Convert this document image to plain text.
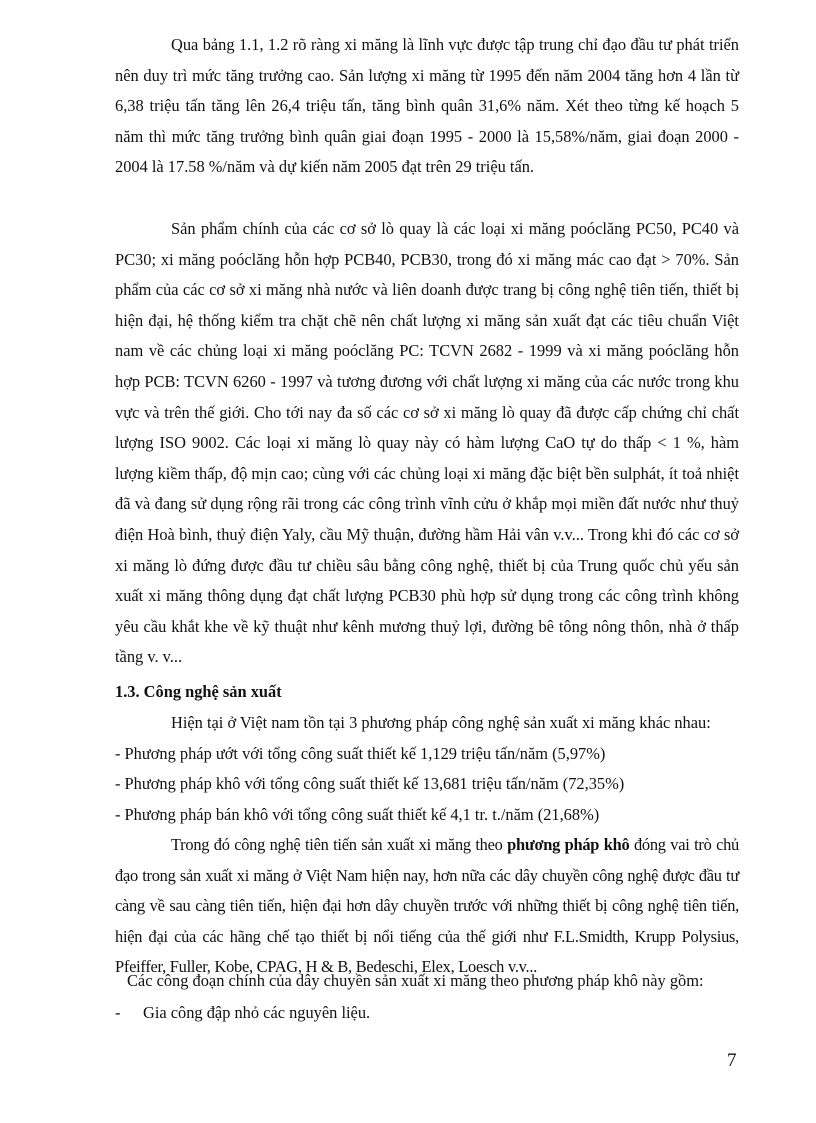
Qua bảng 1.1, 1.2 rõ ràng xi măng là lĩnh vực được tập trung chỉ đạo đầu tư phát triển nên duy trì mức tăng trưởng cao. Sản lượng xi măng từ 1995 đến năm 2004 tăng hơn 4 lần từ 6,38 triệu tấn tăng lên 26,4 triệu tấn, tăng bình quân 31,6% năm. Xét theo từng kế hoạch 5 năm thì mức tăng trưởng bình quân giai đoạn 1995 - 2000 là 15,58%/năm, giai đoạn 2000 - 2004 là 17.58 %/năm và dự kiến năm 2005 đạt trên 29 triệu tấn.

Sản phẩm chính của các cơ sở lò quay là các loại xi măng poóclăng PC50, PC40 và PC30; xi măng poóclăng hỗn hợp PCB40, PCB30, trong đó xi măng mác cao đạt > 70%. Sản phẩm của các cơ sở xi măng nhà nước và liên doanh được trang bị công nghệ tiên tiến, thiết bị hiện đại, hệ thống kiểm tra chặt chẽ nên chất lượng xi măng sản xuất đạt các tiêu chuẩn Việt nam về các chủng loại xi măng poóclăng PC: TCVN 2682 - 1999 và xi măng poóclăng hỗn hợp PCB: TCVN 6260 - 1997 và tương đương với chất lượng xi măng của các nước trong khu vực và trên thế giới. Cho tới nay đa số các cơ sở xi măng lò quay đã được cấp chứng chỉ chất lượng ISO 9002. Các loại xi măng lò quay này có hàm lượng CaO tự do thấp < 1 %, hàm lượng kiềm thấp, độ mịn cao; cùng với các chủng loại xi măng đặc biệt bền sulphát, ít toả nhiệt đã và đang sử dụng rộng rãi trong các công trình vĩnh cửu ở khắp mọi miền đất nước như thuỷ điện Hoà bình, thuỷ điện Yaly, cầu Mỹ thuận, đường hầm Hải vân v.v... Trong khi đó các cơ sở xi măng lò đứng được đầu tư chiều sâu bằng công nghệ, thiết bị của Trung quốc chủ yếu sản xuất xi măng thông dụng đạt chất lượng PCB30 phù hợp sử dụng trong các công trình không yêu cầu khắt khe về kỹ thuật như kênh mương thuỷ lợi, đường bê tông nông thôn, nhà ở thấp tầng v. v...

1.3. Công nghệ sản xuất

Hiện tại ở Việt nam tồn tại 3 phương pháp công nghệ sản xuất xi măng khác nhau:

- Phương pháp ướt với tổng công suất thiết kế 1,129 triệu tấn/năm (5,97%)

- Phương pháp khô với tổng công suất thiết kế 13,681 triệu tấn/năm (72,35%)

- Phương pháp bán khô với tổng công suất thiết kế 4,1 tr. t./năm (21,68%)

Trong đó công nghệ tiên tiến sản xuất xi măng theo phương pháp khô đóng vai trò chủ đạo trong sản xuất xi măng ở Việt Nam hiện nay, hơn nữa các dây chuyền công nghệ được đầu tư càng về sau càng tiên tiến, hiện đại hơn dây chuyền trước với những thiết bị công nghệ tiên tiến, hiện đại của các hãng chế tạo thiết bị nổi tiếng của thế giới như F.L.Smidth, Krupp Polysius, Pfeiffer, Fuller, Kobe, CPAG, H & B, Bedeschi, Elex, Loesch v.v...

Các công đoạn chính của dây chuyền sản xuất xi măng theo phương pháp khô này gồm:

- Gia công đập nhỏ các nguyên liệu.

7
